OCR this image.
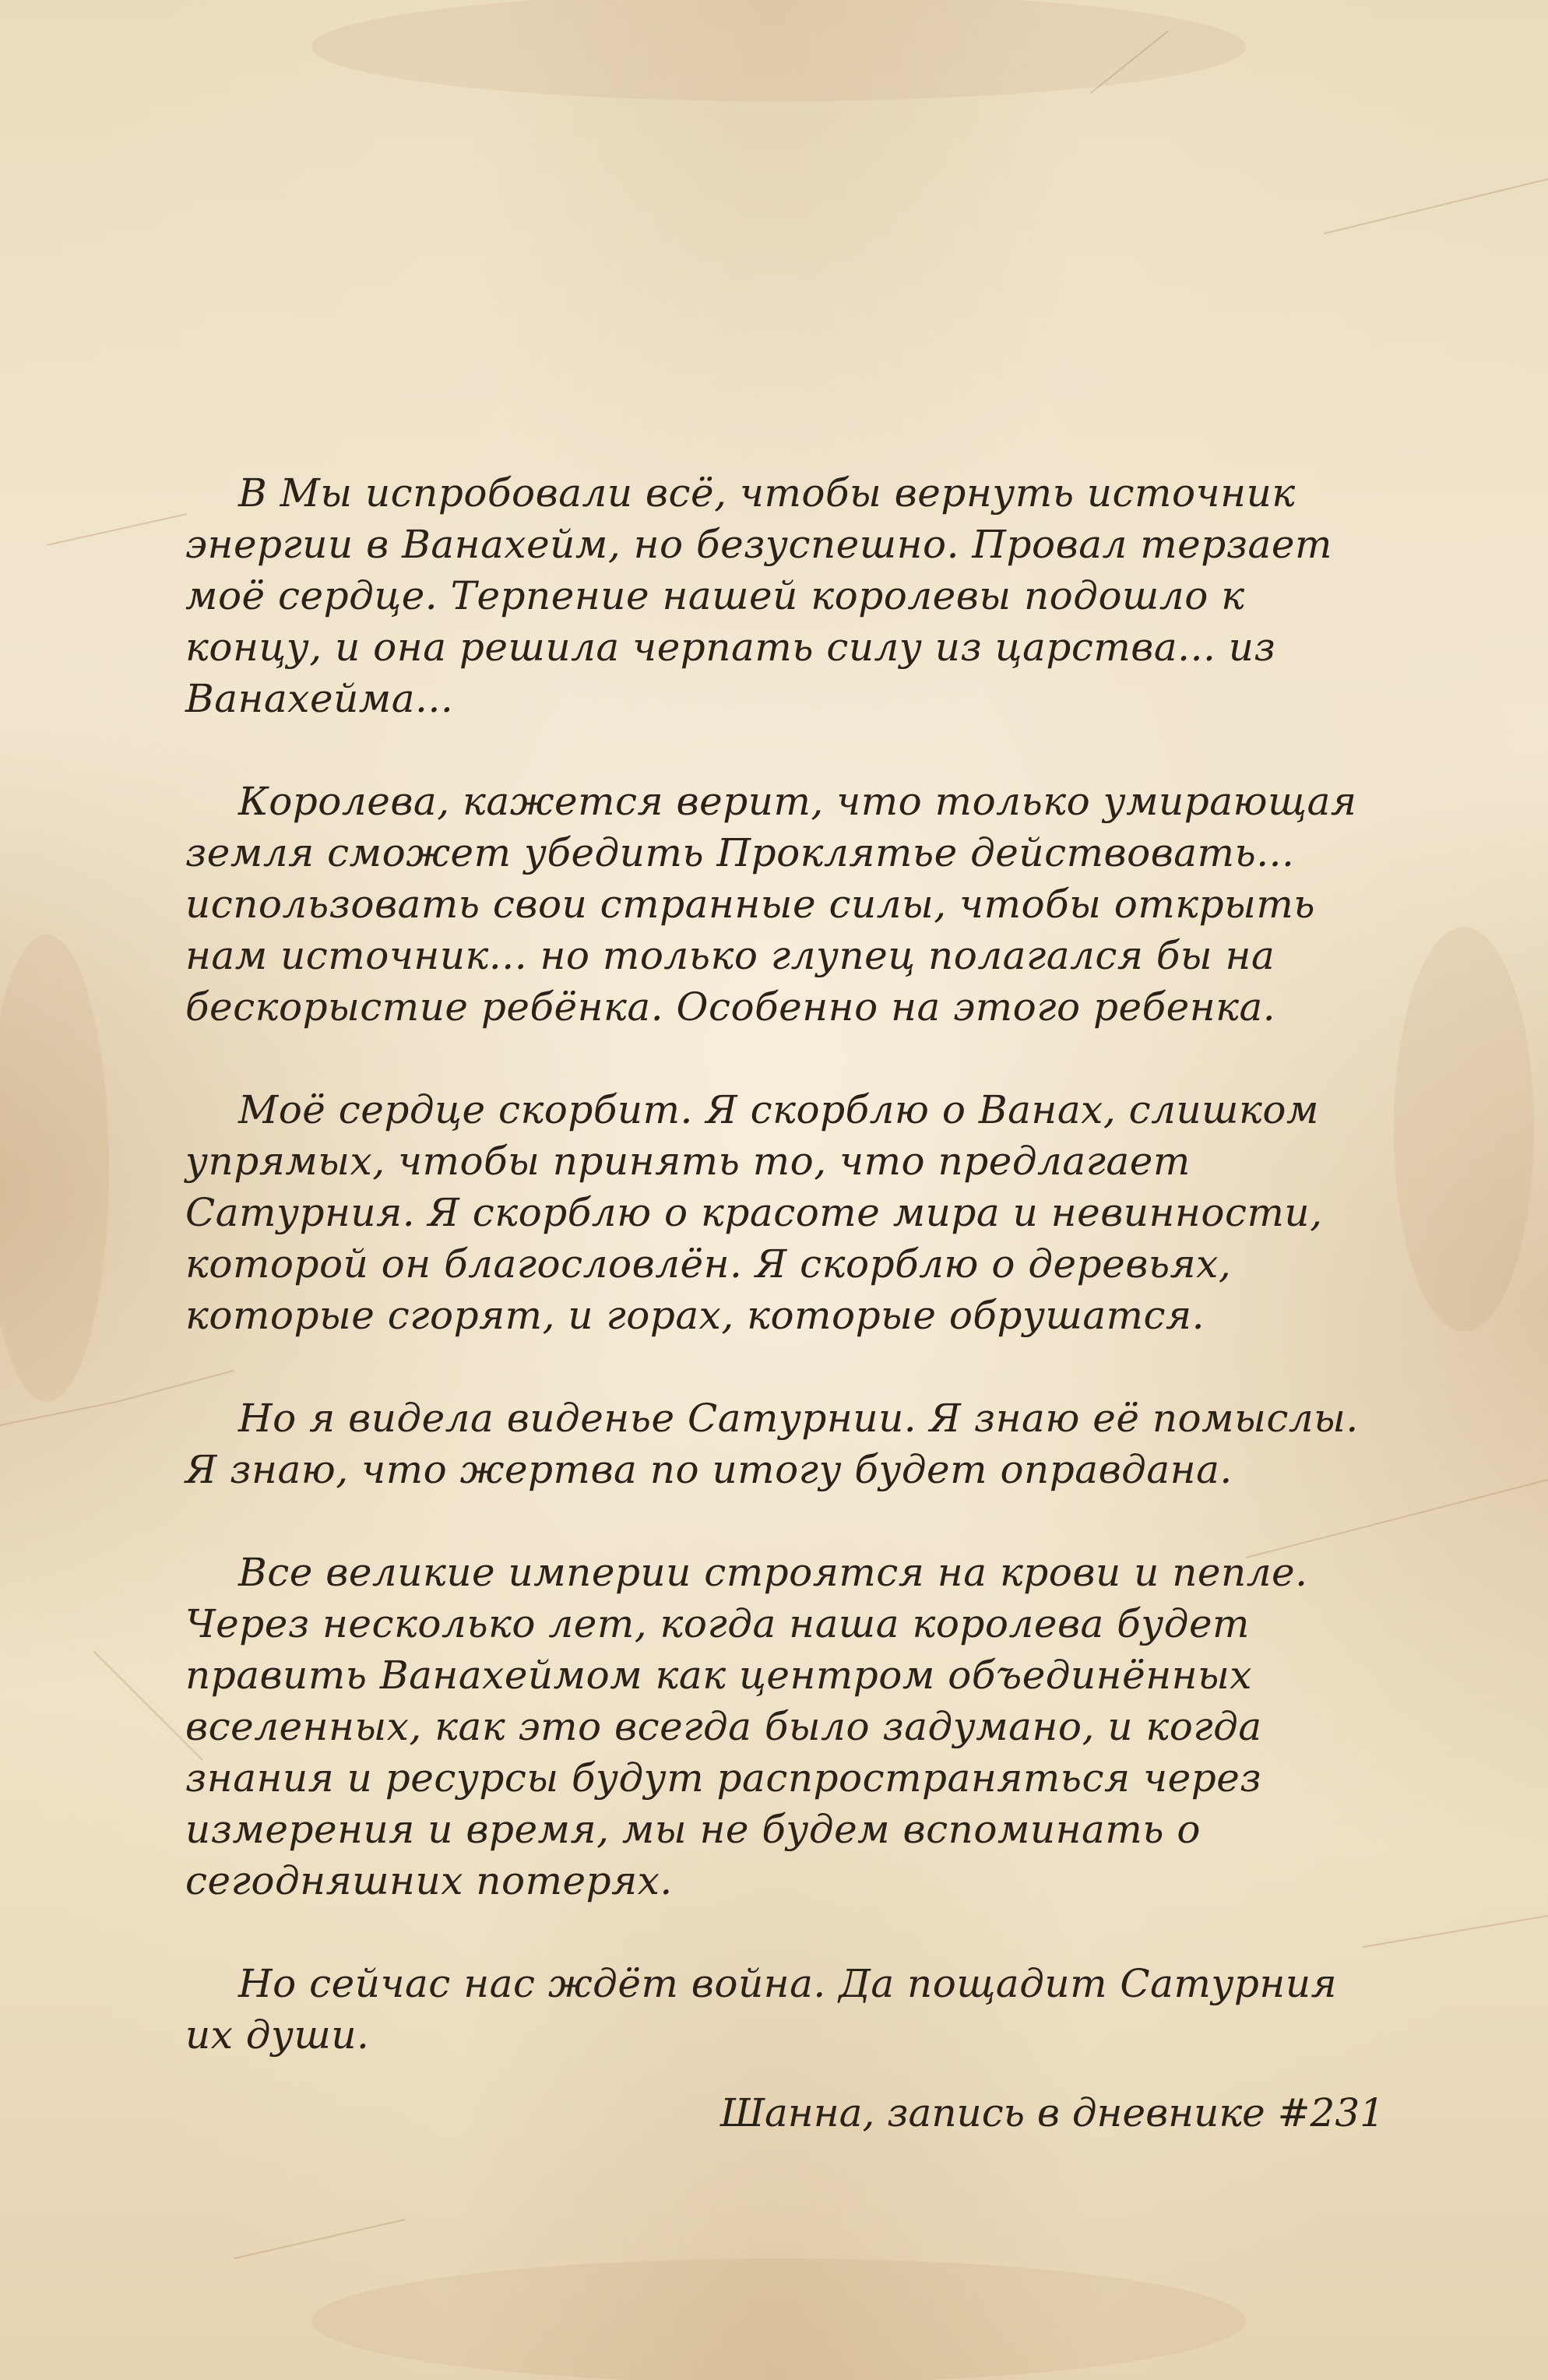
В Мы испробовали всё, чтобы вернуть источник энергии в Ванахейм, но безуспешно. Провал терзает моё сердце. Терпение нашей королевы подошло к концу, и она решила черпать силу из царства... из Ванахейма...

Королева, кажется верит, что только умирающая земля сможет убедить Проклятье действовать... использовать свои странные силы, чтобы открыть нам источник... но только глупец полагался бы на бескорыстие ребёнка. Особенно на этого ребенка.

Моё сердце скорбит. Я скорблю о Ванах, слишком упрямых, чтобы принять то, что предлагает Сатурния. Я скорблю о красоте мира и невинности, которой он благословлён. Я скорблю о деревьях, которые сгорят, и горах, которые обрушатся.

Но я видела виденье Сатурнии. Я знаю её помыслы. Я знаю, что жертва по итогу будет оправдана.

Все великие империи строятся на крови и пепле. Через несколько лет, когда наша королева будет править Ванахеймом как центром объединённых вселенных, как это всегда было задумано, и когда знания и ресурсы будут распространяться через измерения и время, мы не будем вспоминать о сегодняшних потерях.

Но сейчас нас ждёт война. Да пощадит Сатурния их души.

Шанна, запись в дневнике #231
